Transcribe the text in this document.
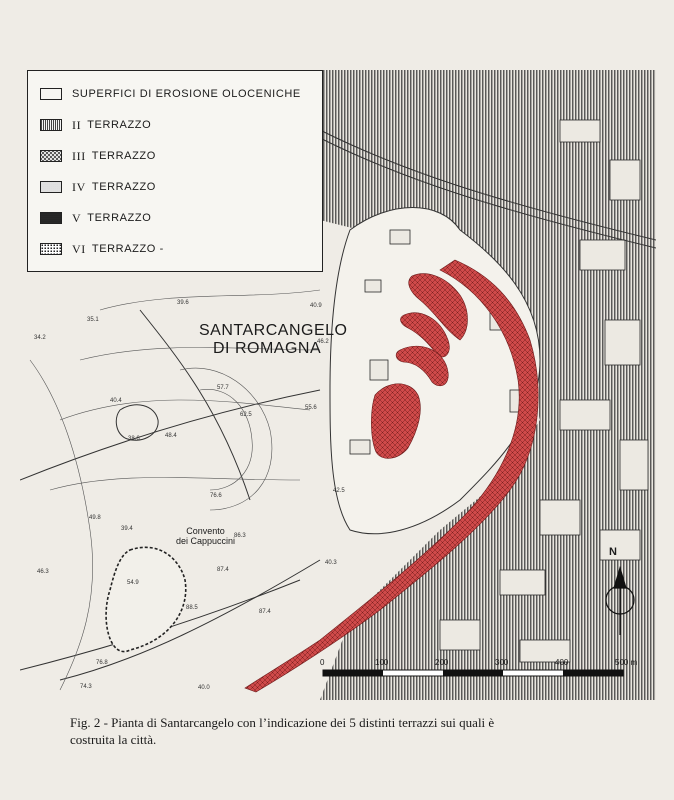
SANTARCANGELO
DI ROMAGNA
Convento
dei Cappuccini
39.6	40.9
34.2
35.1
46.2
57.7
62.5
55.6
40.4
38.6	48.4
76.6
49.8
39.4
86.3
87.4
46.3
54.9
88.5
87.4
76.8
74.3	40.0
42.5
40.3
N
0	100	200	300	400	500 m
SUPERFICI DI EROSIONE OLOCENICHE
II TERRAZZO
III TERRAZZO
IV TERRAZZO
V TERRAZZO
VI TERRAZZO -
Fig. 2 - Pianta di Santarcangelo con l’indicazione dei 5 distinti terrazzi sui quali è
costruita la città.
